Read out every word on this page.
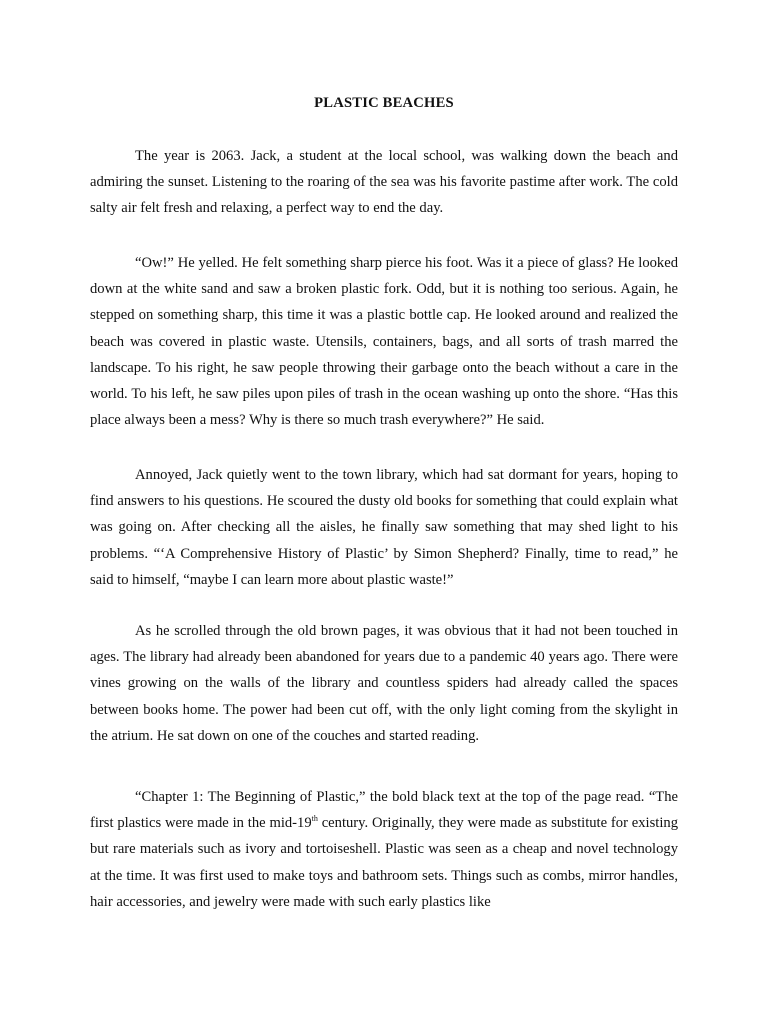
PLASTIC BEACHES

The year is 2063. Jack, a student at the local school, was walking down the beach and admiring the sunset. Listening to the roaring of the sea was his favorite pastime after work. The cold salty air felt fresh and relaxing, a perfect way to end the day.

“Ow!” He yelled. He felt something sharp pierce his foot. Was it a piece of glass? He looked down at the white sand and saw a broken plastic fork. Odd, but it is nothing too serious. Again, he stepped on something sharp, this time it was a plastic bottle cap. He looked around and realized the beach was covered in plastic waste. Utensils, containers, bags, and all sorts of trash marred the landscape. To his right, he saw people throwing their garbage onto the beach without a care in the world. To his left, he saw piles upon piles of trash in the ocean washing up onto the shore. “Has this place always been a mess? Why is there so much trash everywhere?” He said.

Annoyed, Jack quietly went to the town library, which had sat dormant for years, hoping to find answers to his questions. He scoured the dusty old books for something that could explain what was going on. After checking all the aisles, he finally saw something that may shed light to his problems. “‘A Comprehensive History of Plastic’ by Simon Shepherd? Finally, time to read,” he said to himself, “maybe I can learn more about plastic waste!”

As he scrolled through the old brown pages, it was obvious that it had not been touched in ages. The library had already been abandoned for years due to a pandemic 40 years ago. There were vines growing on the walls of the library and countless spiders had already called the spaces between books home. The power had been cut off, with the only light coming from the skylight in the atrium. He sat down on one of the couches and started reading.

“Chapter 1: The Beginning of Plastic,” the bold black text at the top of the page read. “The first plastics were made in the mid-19th century. Originally, they were made as substitute for existing but rare materials such as ivory and tortoiseshell. Plastic was seen as a cheap and novel technology at the time. It was first used to make toys and bathroom sets. Things such as combs, mirror handles, hair accessories, and jewelry were made with such early plastics like
